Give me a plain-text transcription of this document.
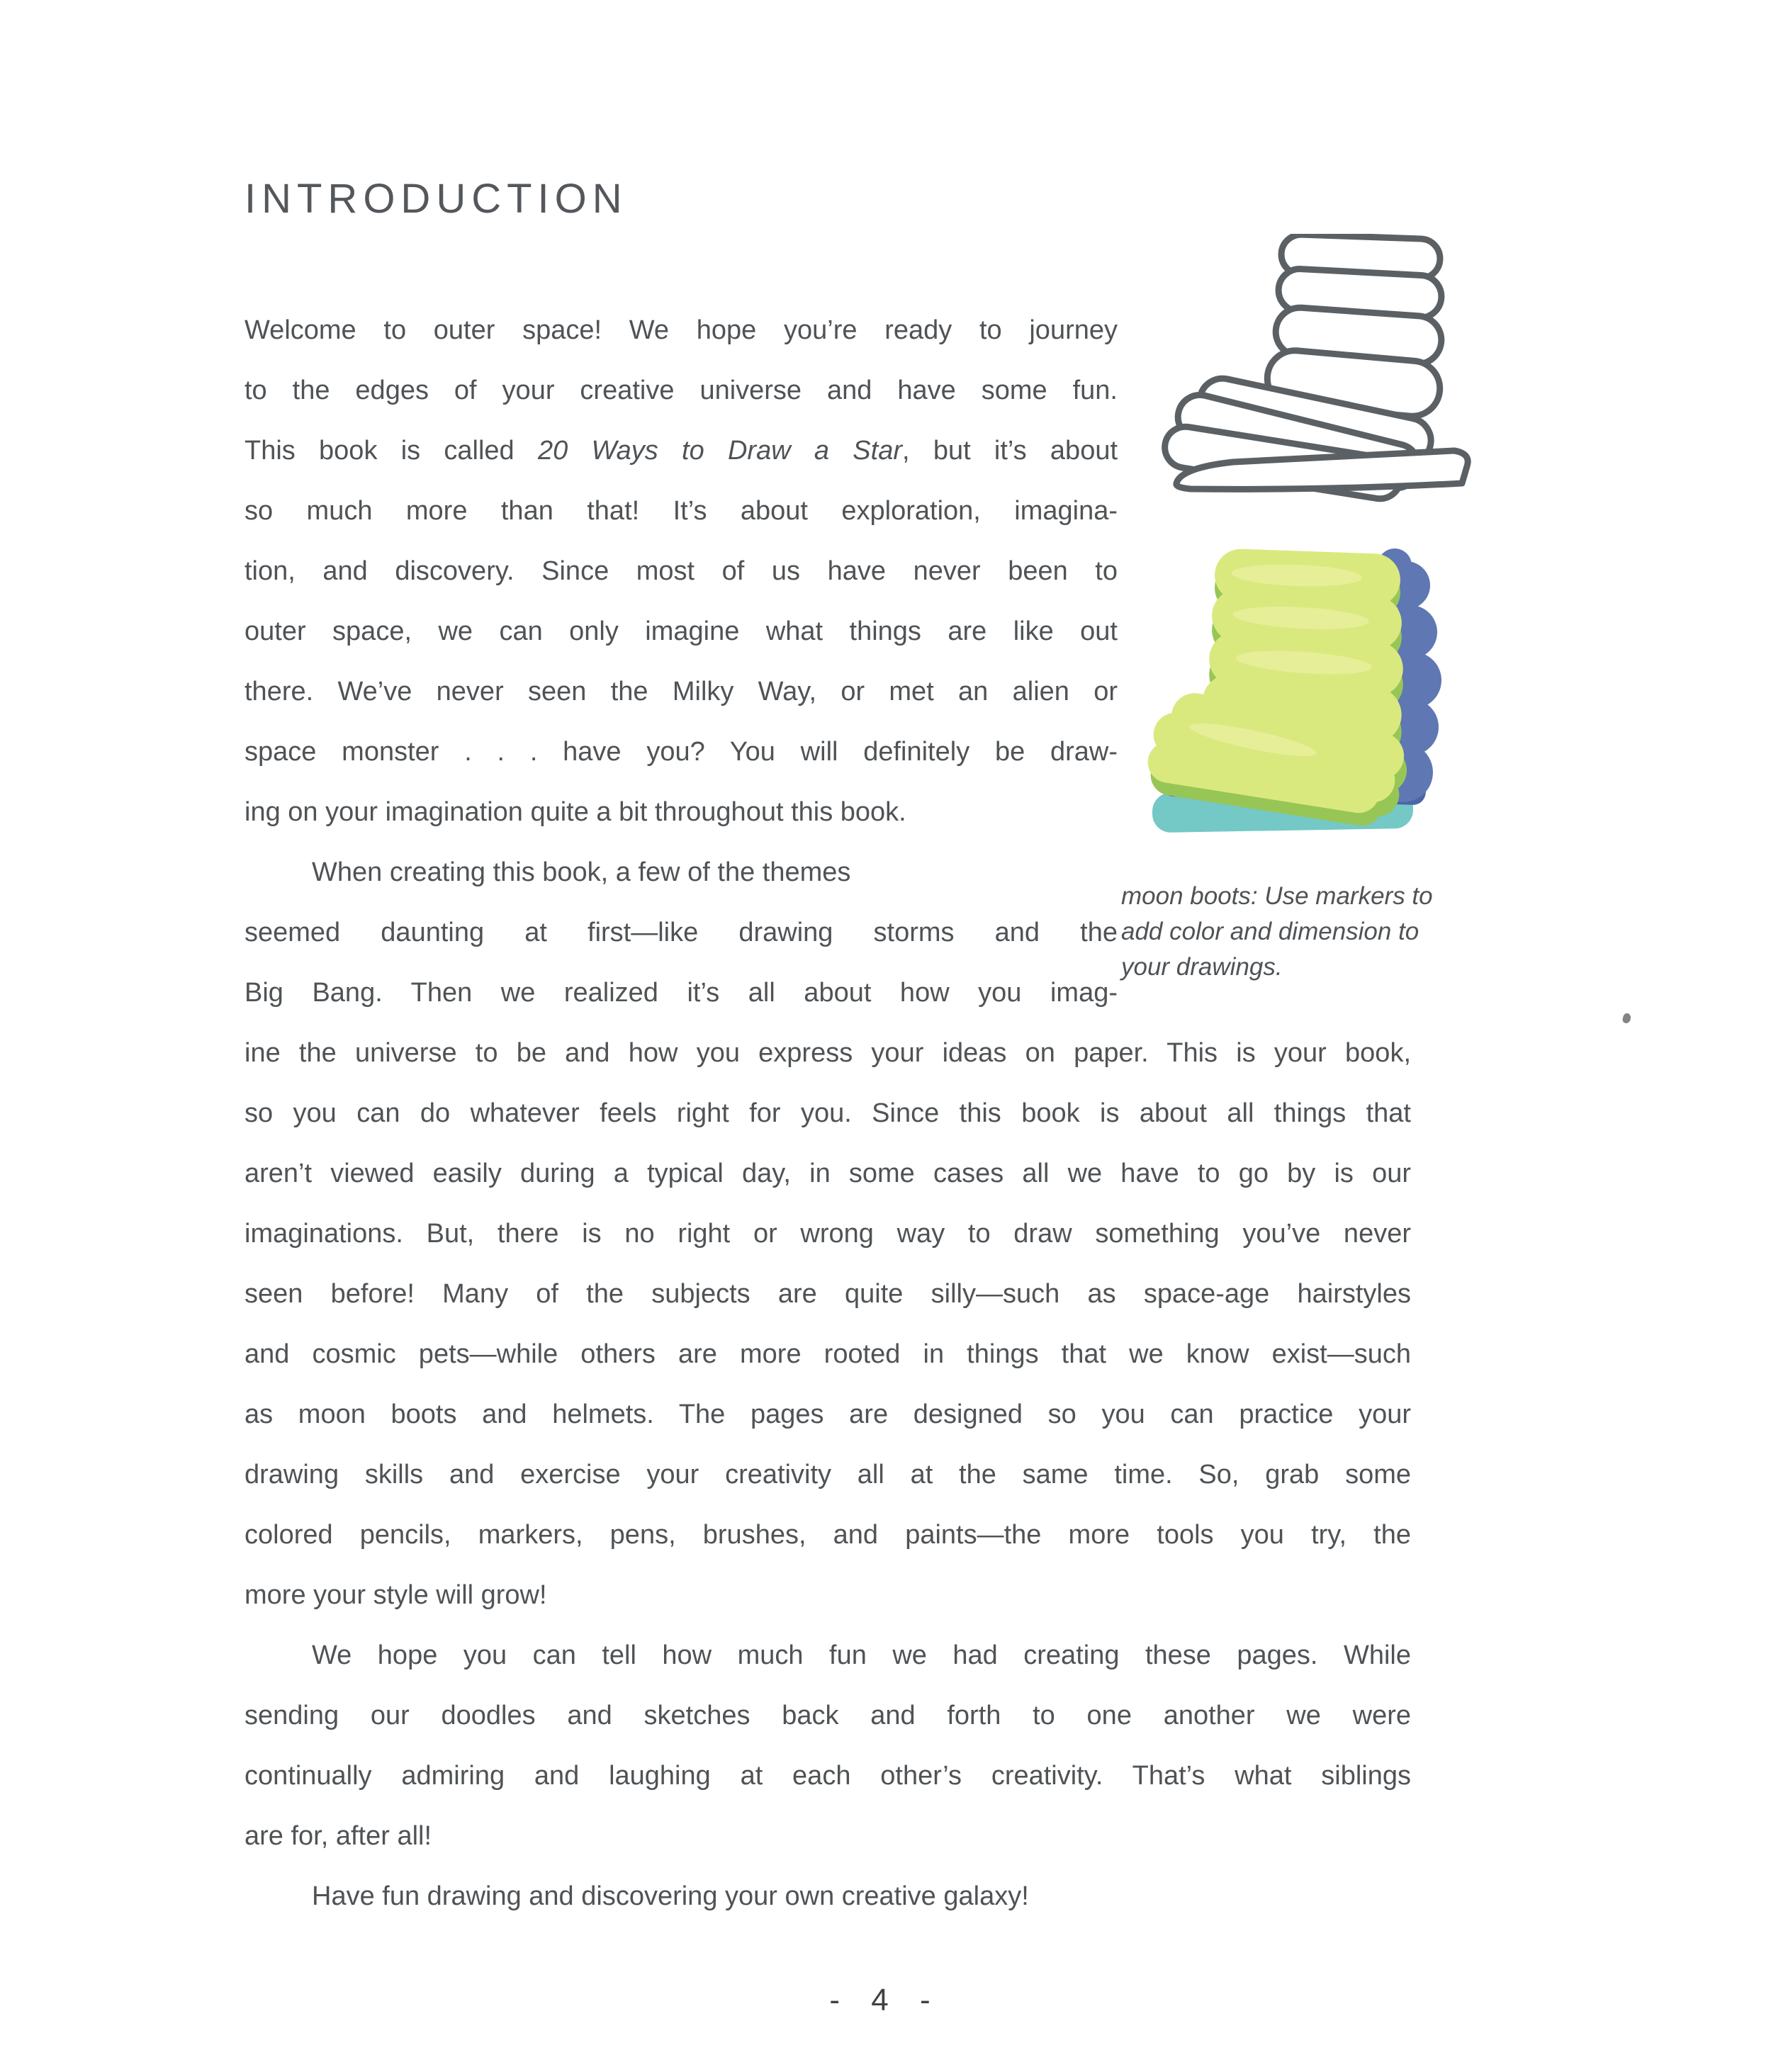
INTRODUCTION
Welcome to outer space! We hope you’re ready to journey
to the edges of your creative universe and have some fun.
This book is called 20 Ways to Draw a Star, but it’s about
so much more than that! It’s about exploration, imagina-
tion, and discovery. Since most of us have never been to
outer space, we can only imagine what things are like out
there. We’ve never seen the Milky Way, or met an alien or
space monster . . . have you? You will definitely be draw-
ing on your imagination quite a bit throughout this book.
When creating this book, a few of the themes
seemed daunting at first—like drawing storms and the
Big Bang. Then we realized it’s all about how you imag-
ine the universe to be and how you express your ideas on paper. This is your book,
so you can do whatever feels right for you. Since this book is about all things that
aren’t viewed easily during a typical day, in some cases all we have to go by is our
imaginations. But, there is no right or wrong way to draw something you’ve never
seen before! Many of the subjects are quite silly—such as space-age hairstyles
and cosmic pets—while others are more rooted in things that we know exist—such
as moon boots and helmets. The pages are designed so you can practice your
drawing skills and exercise your creativity all at the same time. So, grab some
colored pencils, markers, pens, brushes, and paints—the more tools you try, the
more your style will grow!
We hope you can tell how much fun we had creating these pages. While
sending our doodles and sketches back and forth to one another we were
continually admiring and laughing at each other’s creativity. That’s what siblings
are for, after all!
Have fun drawing and discovering your own creative galaxy!
moon boots: Use markers to
add color and dimension to
your drawings.
- 4 -
